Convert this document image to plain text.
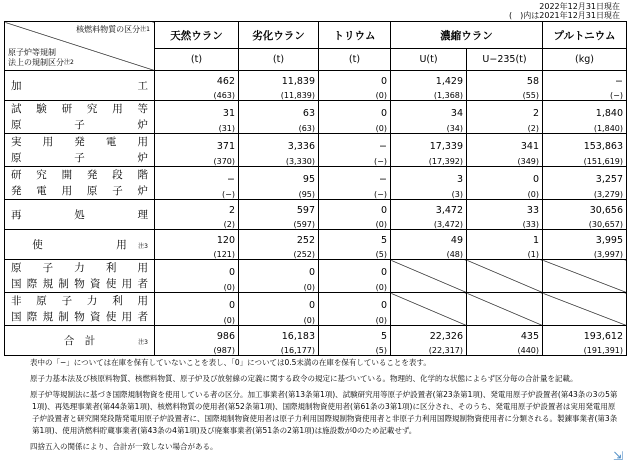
2022年12月31日現在
(　)内は2021年12月31日現在
核燃料物質の区分$^{注1}$
原子炉等規制
法上の規制区分$^{注2}$	天然ウラン	劣化ウラン	トリウム	濃縮ウラン		プルトニウム
	(t)	(t)	(t)	U(t)	U−235(t)	(kg)

加　　　　　　　工	462	11,839	0	1,429	58	−
	(463)	(11,839)	(0)	(1,368)	(55)	(−)

試験研究用等
原子炉	31	63	0	34	2	1,840
	(31)	(63)	(0)	(34)	(2)	(1,840)

実用発電用
原子炉	371	3,336	−	17,339	341	153,863
	(370)	(3,330)	(−)	(17,392)	(349)	(151,619)

研究開発段階
発電用原子炉	−	95	−	3	0	3,257
	(−)	(95)	(−)	(3)	(0)	(3,279)

再　　　処　　　理	2	597	0	3,472	33	30,656
	(2)	(597)	(0)	(3,472)	(33)	(30,657)

使　　　　　　　用 注3	120	252	5	49	1	3,995
	(121)	(252)	(5)	(48)	(1)	(3,997)

原子力利用
国際規制物資使用者	0	0	0			
	(0)	(0)	(0)			

非原子力利用
国際規制物資使用者	0	0	0			
	(0)	(0)	(0)			

合　計 注3	986	16,183	5	22,326	435	193,612
	(987)	(16,177)	(5)	(22,317)	(440)	(191,391)

表中の「−」については在庫を保有していないことを表し、「0」については0.5未満の在庫を保有していることを表す。

原子力基本法及び核原料物質、核燃料物質、原子炉及び放射線の定義に関する政令の規定に基づいている。物理的、化学的な状態によらず区分毎の合計量を記載。

原子炉等規制法に基づき国際規制物資を使用している者の区分。加工事業者(第13条第1項)、試験研究用等原子炉設置者(第23条第1項)、発電用原子炉設置者(第43条の3の5第1項)、再処理事業者(第44条第1項)、核燃料物質の使用者(第52条第1項)、国際規制物資使用者(第61条の3第1項)に区分され、そのうち、発電用原子炉設置者は実用発電用原子炉設置者と研究開発段階発電用原子炉設置者に、国際規制物資使用者は原子力利用国際規制物資使用者と非原子力利用国際規制物資使用者に分類される。製錬事業者(第3条第1項)、使用済燃料貯蔵事業者(第43条の4第1項)及び廃棄事業者(第51条の2第1項)は施設数が0のため記載せず。

四捨五入の関係により、合計が一致しない場合がある。

⇲
